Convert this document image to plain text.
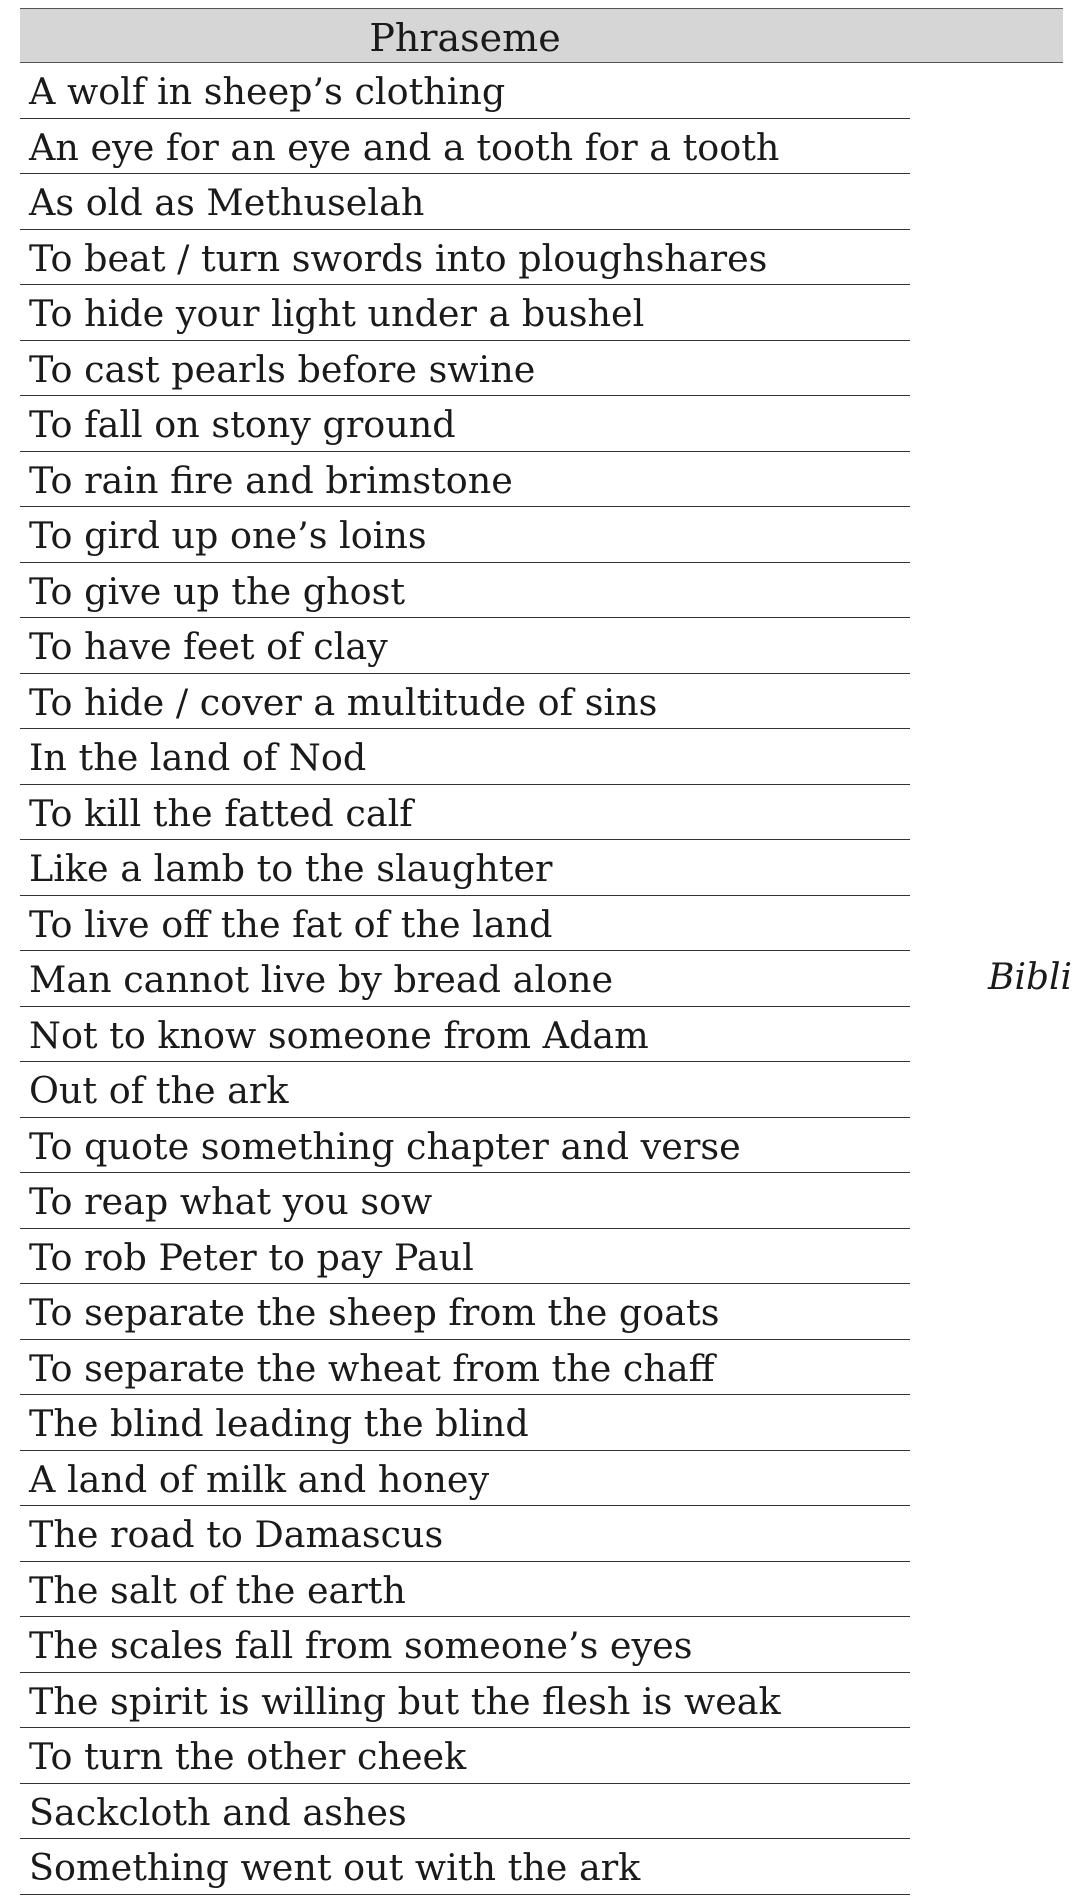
Phraseme
A wolf in sheep’s clothing
An eye for an eye and a tooth for a tooth
As old as Methuselah
To beat / turn swords into ploughshares
To hide your light under a bushel
To cast pearls before swine
To fall on stony ground
To rain fire and brimstone
To gird up one’s loins
To give up the ghost
To have feet of clay
To hide / cover a multitude of sins
In the land of Nod
To kill the fatted calf
Like a lamb to the slaughter
To live off the fat of the land
Man cannot live by bread alone
Not to know someone from Adam
Out of the ark
To quote something chapter and verse
To reap what you sow
To rob Peter to pay Paul
To separate the sheep from the goats
To separate the wheat from the chaff
The blind leading the blind
A land of milk and honey
The road to Damascus
The salt of the earth
The scales fall from someone’s eyes
The spirit is willing but the flesh is weak
To turn the other cheek
Sackcloth and ashes
Something went out with the ark
Bibli
